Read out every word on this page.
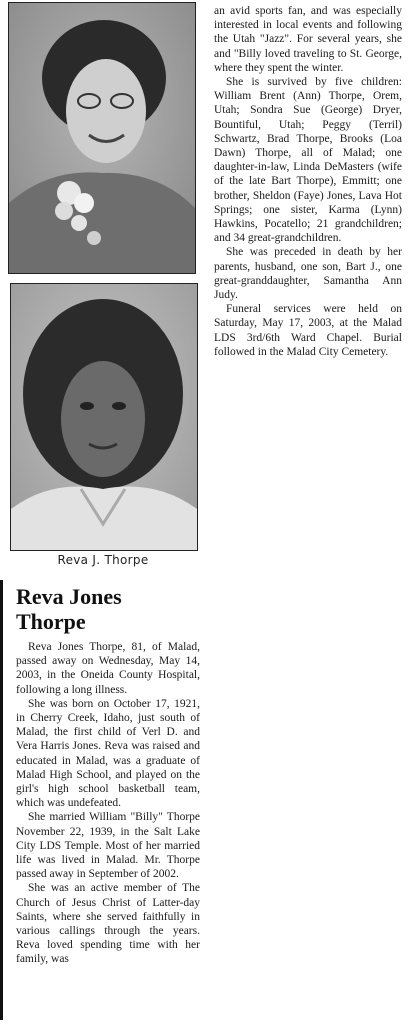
Reva J. Thorpe
Reva Jones Thorpe

Reva Jones Thorpe, 81, of Malad, passed away on Wednesday, May 14, 2003, in the Oneida County Hospital, following a long illness.

She was born on October 17, 1921, in Cherry Creek, Idaho, just south of Malad, the first child of Verl D. and Vera Harris Jones. Reva was raised and educated in Malad, was a graduate of Malad High School, and played on the girl's high school basketball team, which was undefeated.

She married William "Billy" Thorpe November 22, 1939, in the Salt Lake City LDS Temple. Most of her married life was lived in Malad. Mr. Thorpe passed away in September of 2002.

She was an active member of The Church of Jesus Christ of Latter-day Saints, where she served faithfully in various callings through the years. Reva loved spending time with her family, was

an avid sports fan, and was especially interested in local events and following the Utah "Jazz". For several years, she and "Billy loved traveling to St. George, where they spent the winter.

She is survived by five children: William Brent (Ann) Thorpe, Orem, Utah; Sondra Sue (George) Dryer, Bountiful, Utah; Peggy (Terril) Schwartz, Brad Thorpe, Brooks (Loa Dawn) Thorpe, all of Malad; one daughter-in-law, Linda DeMasters (wife of the late Bart Thorpe), Emmitt; one brother, Sheldon (Faye) Jones, Lava Hot Springs; one sister, Karma (Lynn) Hawkins, Pocatello; 21 grandchildren; and 34 great-grandchildren.

She was preceded in death by her parents, husband, one son, Bart J., one great-granddaughter, Samantha Ann Judy.

Funeral services were held on Saturday, May 17, 2003, at the Malad LDS 3rd/6th Ward Chapel. Burial followed in the Malad City Cemetery.
